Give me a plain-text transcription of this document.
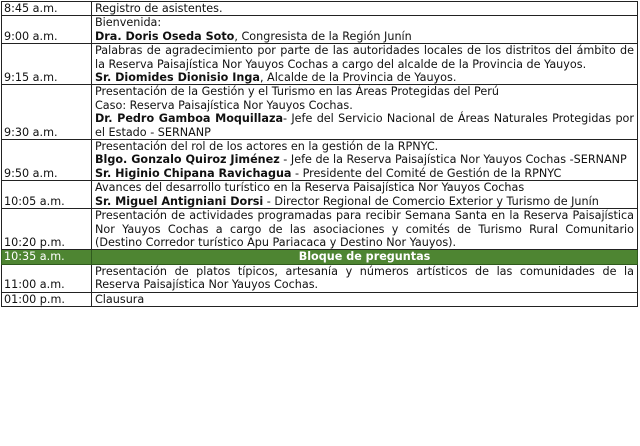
8:45 a.m.	Registro de asistentes.

9:00 a.m.	Bienvenida:
Dra. Doris Oseda Soto, Congresista de la Región Junín

9:15 a.m.	Palabras de agradecimiento por parte de las autoridades locales de los distritos del ámbito de la Reserva Paisajística Nor Yauyos Cochas a cargo del alcalde de la Provincia de Yauyos.
Sr. Diomides Dionisio Inga, Alcalde de la Provincia de Yauyos.

9:30 a.m.	Presentación de la Gestión y el Turismo en las Áreas Protegidas del Perú
Caso: Reserva Paisajística Nor Yauyos Cochas.
Dr. Pedro Gamboa Moquillaza- Jefe del Servicio Nacional de Áreas Naturales Protegidas por el Estado - SERNANP

9:50 a.m.	Presentación del rol de los actores en la gestión de la RPNYC.
Blgo. Gonzalo Quiroz Jiménez - Jefe de la Reserva Paisajística Nor Yauyos Cochas -SERNANP
Sr. Higinio Chipana Ravichagua - Presidente del Comité de Gestión de la RPNYC

10:05 a.m.	Avances del desarrollo turístico en la Reserva Paisajística Nor Yauyos Cochas
Sr. Miguel Antigniani Dorsi - Director Regional de Comercio Exterior y Turismo de Junín

10:20 p.m.	Presentación de actividades programadas para recibir Semana Santa en la Reserva Paisajística Nor Yauyos Cochas a cargo de las asociaciones y comités de Turismo Rural Comunitario (Destino Corredor turístico Apu Pariacaca y Destino Nor Yauyos).

10:35 a.m.	Bloque de preguntas

11:00 a.m.	Presentación de platos típicos, artesanía y números artísticos de las comunidades de la Reserva Paisajística Nor Yauyos Cochas.

01:00 p.m.	Clausura
